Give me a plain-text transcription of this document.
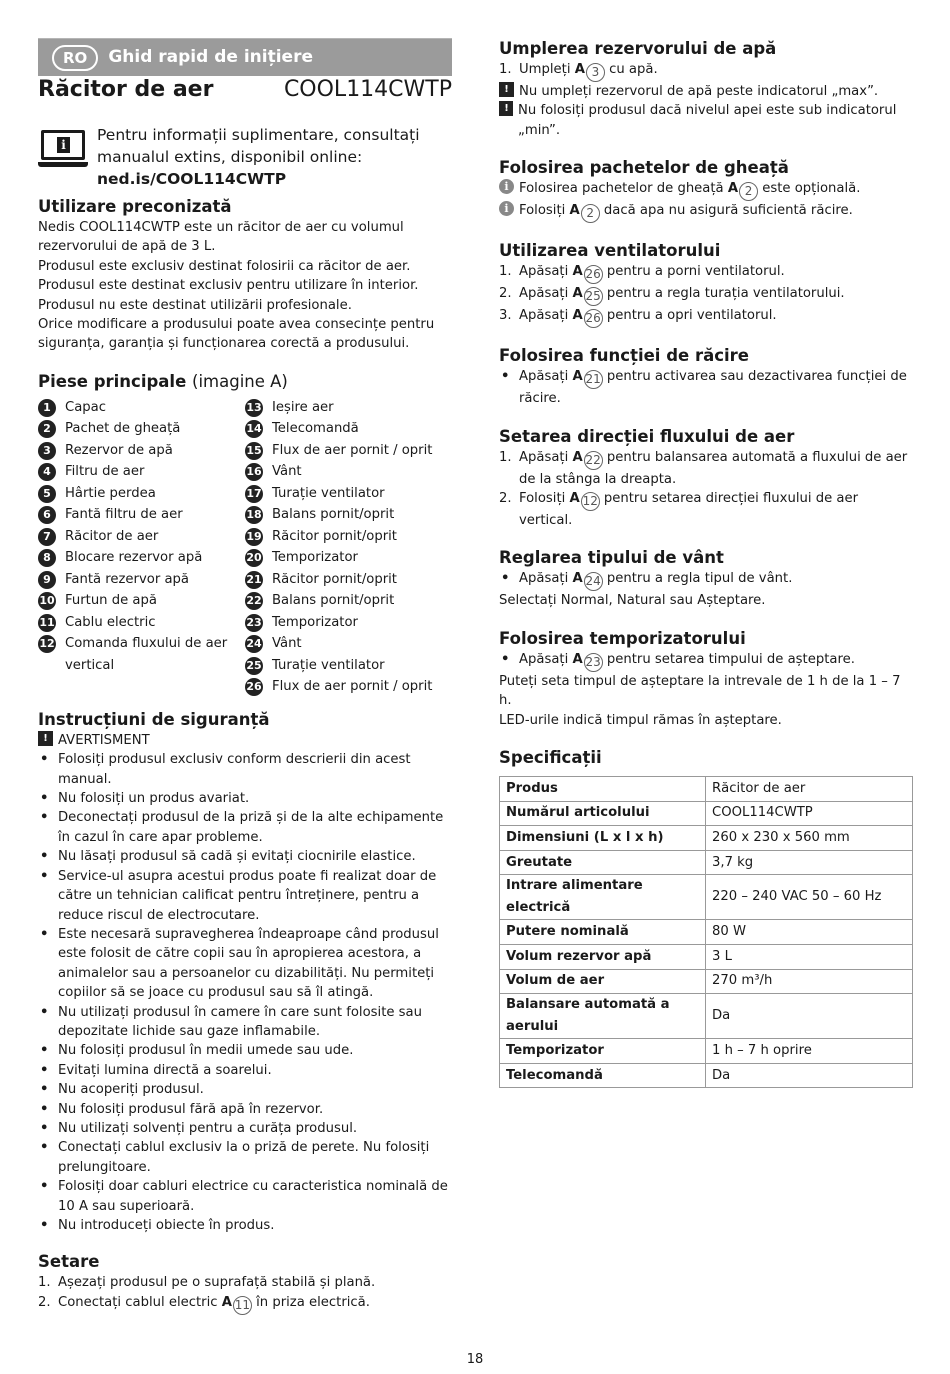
RO	Ghid rapid de inițiere
Răcitor de aer	COOL114CWTP
i
Pentru informații suplimentare, consultați
manualul extins, disponibil online:
ned.is/COOL114CWTP
Utilizare preconizată

Nedis COOL114CWTP este un răcitor de aer cu volumul rezervorului de apă de 3 L.

Produsul este exclusiv destinat folosirii ca răcitor de aer.

Produsul este destinat exclusiv pentru utilizare în interior.

Produsul nu este destinat utilizării profesionale.

Orice modificare a produsului poate avea consecințe pentru siguranța, garanția și funcționarea corectă a produsului.

Piese principale (imagine A)
1	Capac
2	Pachet de gheață
3	Rezervor de apă
4	Filtru de aer
5	Hârtie perdea
6	Fantă filtru de aer
7	Răcitor de aer
8	Blocare rezervor apă
9	Fantă rezervor apă
10 Furtun de apă
11 Cablu electric
12 Comanda fluxului de aer vertical
13 Ieșire aer
14 Telecomandă
15 Flux de aer pornit / oprit
16 Vânt
17 Turație ventilator
18 Balans pornit/oprit
19 Răcitor pornit/oprit
20 Temporizator
21 Răcitor pornit/oprit
22 Balans pornit/oprit
23 Temporizator
24 Vânt
25 Turație ventilator
26 Flux de aer pornit / oprit
Instrucțiuni de siguranță
!
AVERTISMENT
• Folosiți produsul exclusiv conform descrierii din acest manual.
• Nu folosiți un produs avariat.
• Deconectați produsul de la priză și de la alte echipamente în cazul în care apar probleme.
• Nu lăsați produsul să cadă și evitați ciocnirile elastice.
• Service-ul asupra acestui produs poate fi realizat doar de către un tehnician calificat pentru întreținere, pentru a reduce riscul de electrocutare.
• Este necesară supravegherea îndeaproape când produsul este folosit de către copii sau în apropierea acestora, a animalelor sau a persoanelor cu dizabilități. Nu permiteți copiilor să se joace cu produsul sau să îl atingă.
• Nu utilizați produsul în camere în care sunt folosite sau depozitate lichide sau gaze inflamabile.
• Nu folosiți produsul în medii umede sau ude.
• Evitați lumina directă a soarelui.
• Nu acoperiți produsul.
• Nu folosiți produsul fără apă în rezervor.
• Nu utilizați solvenți pentru a curăța produsul.
• Conectați cablul exclusiv la o priză de perete. Nu folosiți prelungitoare.
• Folosiți doar cabluri electrice cu caracteristica nominală de 10 A sau superioară.
• Nu introduceți obiecte în produs.
Setare
1. Așezați produsul pe o suprafață stabilă și plană.
2. Conectați cablul electric A 11 în priza electrică.
Umplerea rezervorului de apă
1. Umpleți A 3 cu apă.
!
Nu umpleți rezervorul de apă peste indicatorul „max”.
!
Nu folosiți produsul dacă nivelul apei este sub indicatorul „min”.
Folosirea pachetelor de gheață
i Folosirea pachetelor de gheață A 2 este opțională.
i Folosiți A 2 dacă apa nu asigură suficientă răcire.
Utilizarea ventilatorului
1. Apăsați A 26 pentru a porni ventilatorul.
2. Apăsați A 25 pentru a regla turația ventilatorului.
3. Apăsați A 26 pentru a opri ventilatorul.
Folosirea funcției de răcire
• Apăsați A 21 pentru activarea sau dezactivarea funcției de răcire.
Setarea direcției fluxului de aer
1. Apăsați A 22 pentru balansarea automată a fluxului de aer de la stânga la dreapta.
2. Folosiți A 12 pentru setarea direcției fluxului de aer vertical.
Reglarea tipului de vânt
• Apăsați A 24 pentru a regla tipul de vânt.

Selectați Normal, Natural sau Așteptare.

Folosirea temporizatorului
• Apăsați A 23 pentru setarea timpului de așteptare.

Puteți seta timpul de așteptare la intrevale de 1 h de la 1 – 7 h.

LED-urile indică timpul rămas în așteptare.

Specificații
Produs	Răcitor de aer
Numărul articolului	COOL114CWTP
Dimensiuni (L x l x h)	260 x 230 x 560 mm
Greutate	3,7 kg
Intrare alimentare electrică	220 – 240 VAC 50 – 60 Hz
Putere nominală	80 W
Volum rezervor apă	3 L
Volum de aer	270 m³/h
Balansare automată a aerului	Da
Temporizator	1 h – 7 h oprire
Telecomandă	Da
18
